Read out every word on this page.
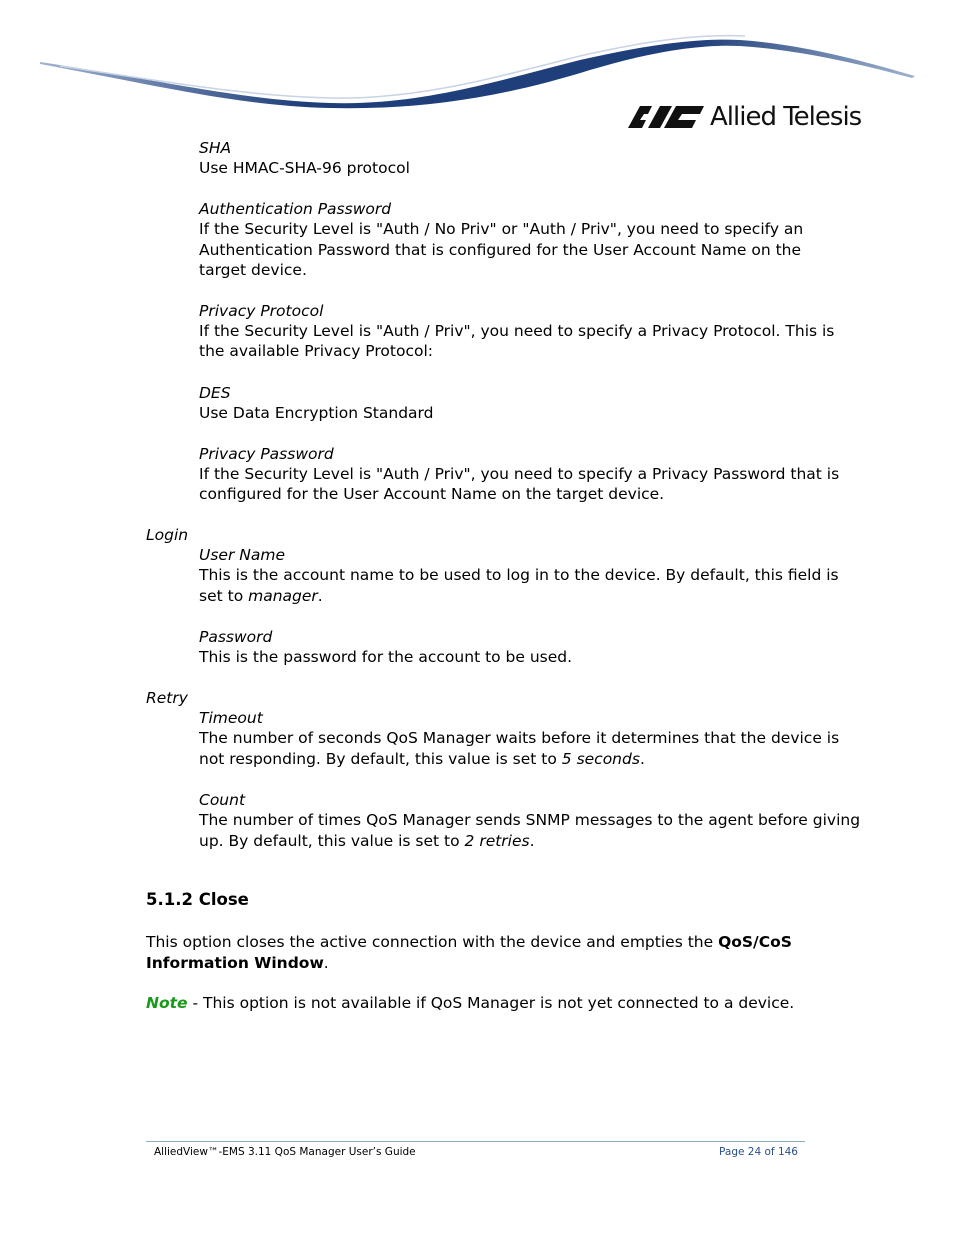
Allied Telesis
SHA
Use HMAC-SHA-96 protocol
Authentication Password
If the Security Level is "Auth / No Priv" or "Auth / Priv", you need to specify an
Authentication Password that is configured for the User Account Name on the
target device.
Privacy Protocol
If the Security Level is "Auth / Priv", you need to specify a Privacy Protocol. This is
the available Privacy Protocol:
DES
Use Data Encryption Standard
Privacy Password
If the Security Level is "Auth / Priv", you need to specify a Privacy Password that is
configured for the User Account Name on the target device.
Login
User Name
This is the account name to be used to log in to the device. By default, this field is
set to manager.
Password
This is the password for the account to be used.
Retry
Timeout
The number of seconds QoS Manager waits before it determines that the device is
not responding. By default, this value is set to 5 seconds.
Count
The number of times QoS Manager sends SNMP messages to the agent before giving
up. By default, this value is set to 2 retries.
5.1.2 Close
This option closes the active connection with the device and empties the QoS/CoS
Information Window.
Note - This option is not available if QoS Manager is not yet connected to a device.
AlliedView™-EMS 3.11 QoS Manager User’s Guide	Page 24 of 146
